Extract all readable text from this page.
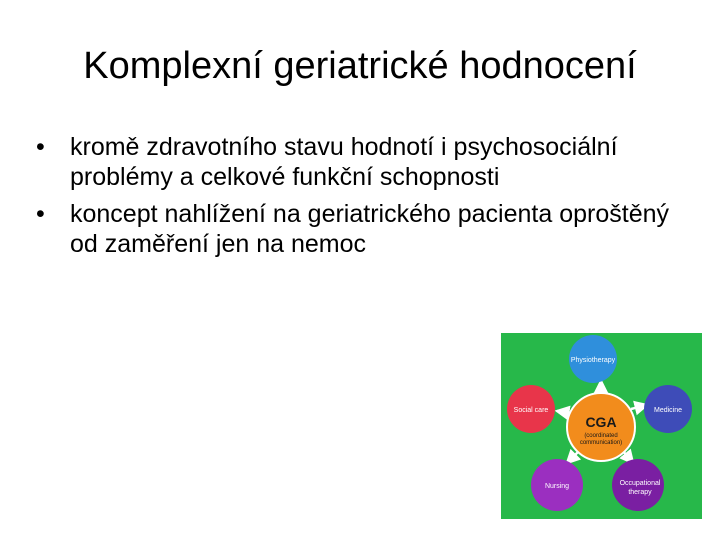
Komplexní geriatrické hodnocení
• kromě zdravotního stavu hodnotí i psychosociální problémy a celkové funkční schopnosti
• koncept nahlížení na geriatrického pacienta oproštěný od zaměření jen na nemoc
Physiotherapy
Medicine
Occupational
therapy
Nursing
Social care
CGA
(coordinated
communication)
